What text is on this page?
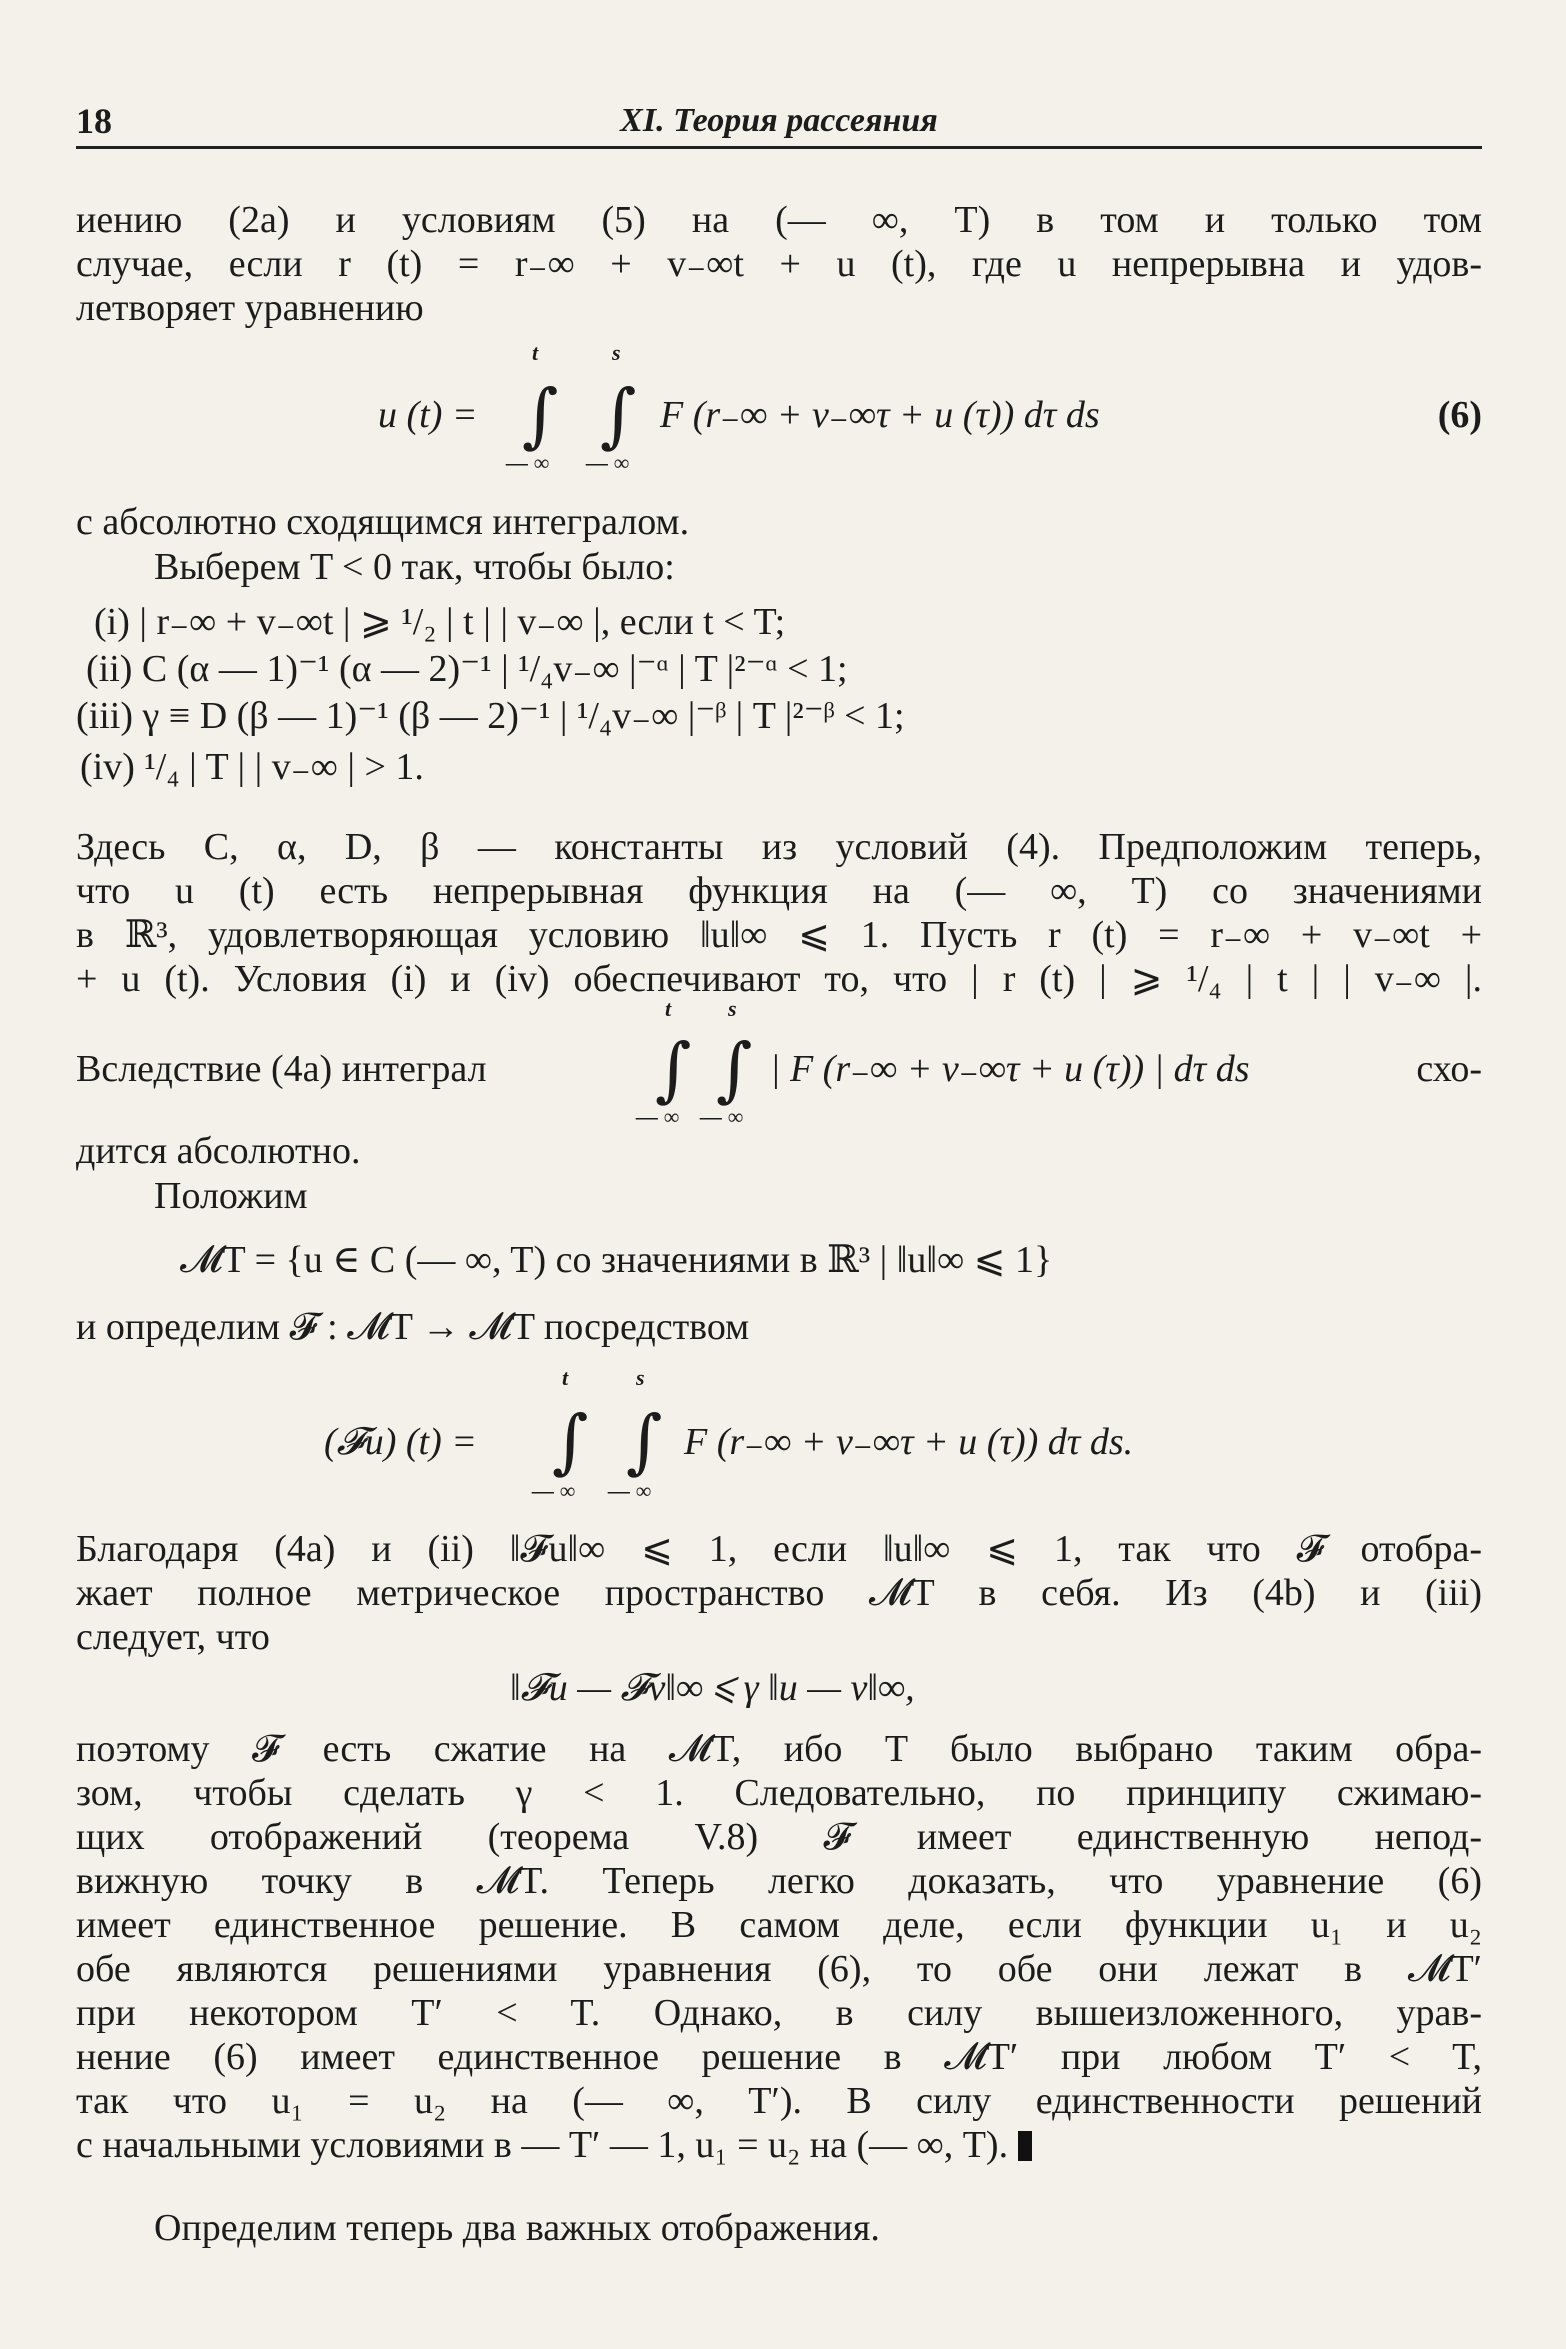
18	XI. Теория рассеяния
иению (2а) и условиям (5) на (— ∞, T) в том и только том
случае, если r (t) = r₋∞ + v₋∞t + u (t), где u непрерывна и удов-
летворяет уравнению
u (t) =
t
∫
— ∞
s
∫
— ∞
F (r₋∞ + v₋∞τ + u (τ)) dτ ds	(6)
с абсолютно сходящимся интегралом.
Выберем T < 0 так, чтобы было:
(i) | r₋∞ + v₋∞t | ⩾ ¹/₂ | t | | v₋∞ |, если t < T;
(ii) C (α — 1)⁻¹ (α — 2)⁻¹ | ¹/₄v₋∞ |⁻ᵅ | T |²⁻ᵅ < 1;
(iii) γ ≡ D (β — 1)⁻¹ (β — 2)⁻¹ | ¹/₄v₋∞ |⁻ᵝ | T |²⁻ᵝ < 1;
(iv) ¹/₄ | T | | v₋∞ | > 1.
Здесь C, α, D, β — константы из условий (4). Предположим теперь,
что u (t) есть непрерывная функция на (— ∞, T) со значениями
в ℝ³, удовлетворяющая условию ‖u‖∞ ⩽ 1. Пусть r (t) = r₋∞ + v₋∞t +
+ u (t). Условия (i) и (iv) обеспечивают то, что | r (t) | ⩾ ¹/₄ | t | | v₋∞ |.
Вследствие (4а) интеграл
t
∫
— ∞
s
∫
— ∞
| F (r₋∞ + v₋∞τ + u (τ)) | dτ ds	схо-
дится абсолютно.
Положим
𝓜T = {u ∈ C (— ∞, T) со значениями в ℝ³ | ‖u‖∞ ⩽ 1}
и определим 𝓕 : 𝓜T → 𝓜T посредством
(𝓕u) (t) =
t
∫
— ∞
s
∫
— ∞
F (r₋∞ + v₋∞τ + u (τ)) dτ ds.
Благодаря (4а) и (ii) ‖𝓕u‖∞ ⩽ 1, если ‖u‖∞ ⩽ 1, так что 𝓕 отобра-
жает полное метрическое пространство 𝓜T в себя. Из (4b) и (iii)
следует, что
‖𝓕u — 𝓕v‖∞ ⩽ γ ‖u — v‖∞,
поэтому 𝓕 есть сжатие на 𝓜T, ибо T было выбрано таким обра-
зом, чтобы сделать γ < 1. Следовательно, по принципу сжимаю-
щих отображений (теорема V.8) 𝓕 имеет единственную непод-
вижную точку в 𝓜T. Теперь легко доказать, что уравнение (6)
имеет единственное решение. В самом деле, если функции u₁ и u₂
обе являются решениями уравнения (6), то обе они лежат в 𝓜T′
при некотором T′ < T. Однако, в силу вышеизложенного, урав-
нение (6) имеет единственное решение в 𝓜T′ при любом T′ < T,
так что u₁ = u₂ на (— ∞, T′). В силу единственности решений
с начальными условиями в — T′ — 1, u₁ = u₂ на (— ∞, T).
Определим теперь два важных отображения.
